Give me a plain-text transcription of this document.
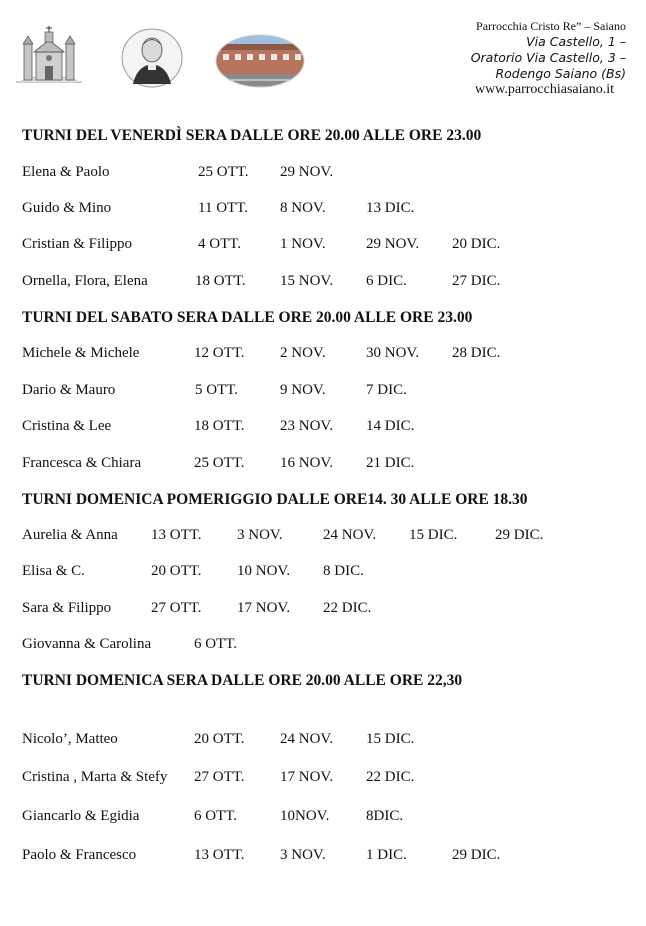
Parrocchia Cristo Re” – Saiano
Via Castello, 1 –
Oratorio Via Castello, 3 –
Rodengo Saiano (Bs)
www.parrocchiasaiano.it
TURNI DEL VENERDÌ SERA DALLE ORE 20.00 ALLE ORE 23.00
Elena & Paolo	25 OTT. 29 NOV.
Guido & Mino	11 OTT. 8 NOV.	13 DIC.
Cristian & Filippo	4 OTT.	1 NOV.	29 NOV. 20 DIC.
Ornella, Flora, Elena	18 OTT. 15 NOV. 6 DIC.	27 DIC.
TURNI DEL SABATO SERA DALLE ORE 20.00 ALLE ORE 23.00
Michele & Michele	12 OTT. 2 NOV.	30 NOV. 28 DIC.
Dario & Mauro	5 OTT.	9 NOV.	7 DIC.
Cristina & Lee	18 OTT. 23 NOV. 14 DIC.
Francesca & Chiara	25 OTT. 16 NOV. 21 DIC.
TURNI DOMENICA POMERIGGIO DALLE ORE14. 30 ALLE ORE 18.30
Aurelia & Anna 13 OTT. 3 NOV.	24 NOV. 15 DIC.	29 DIC.
Elisa & C.	20 OTT. 10 NOV. 8 DIC.
Sara & Filippo	27 OTT. 17 NOV. 22 DIC.
Giovanna & Carolina	6 OTT.
TURNI DOMENICA SERA DALLE ORE 20.00 ALLE ORE 22,30
Nicolo’, Matteo	20 OTT. 24 NOV. 15 DIC.
Cristina , Marta & Stefy 27 OTT. 17 NOV. 22 DIC.
Giancarlo & Egidia	6 OTT.	10NOV. 8DIC.
Paolo & Francesco	13 OTT. 3 NOV.	1 DIC.	29 DIC.
